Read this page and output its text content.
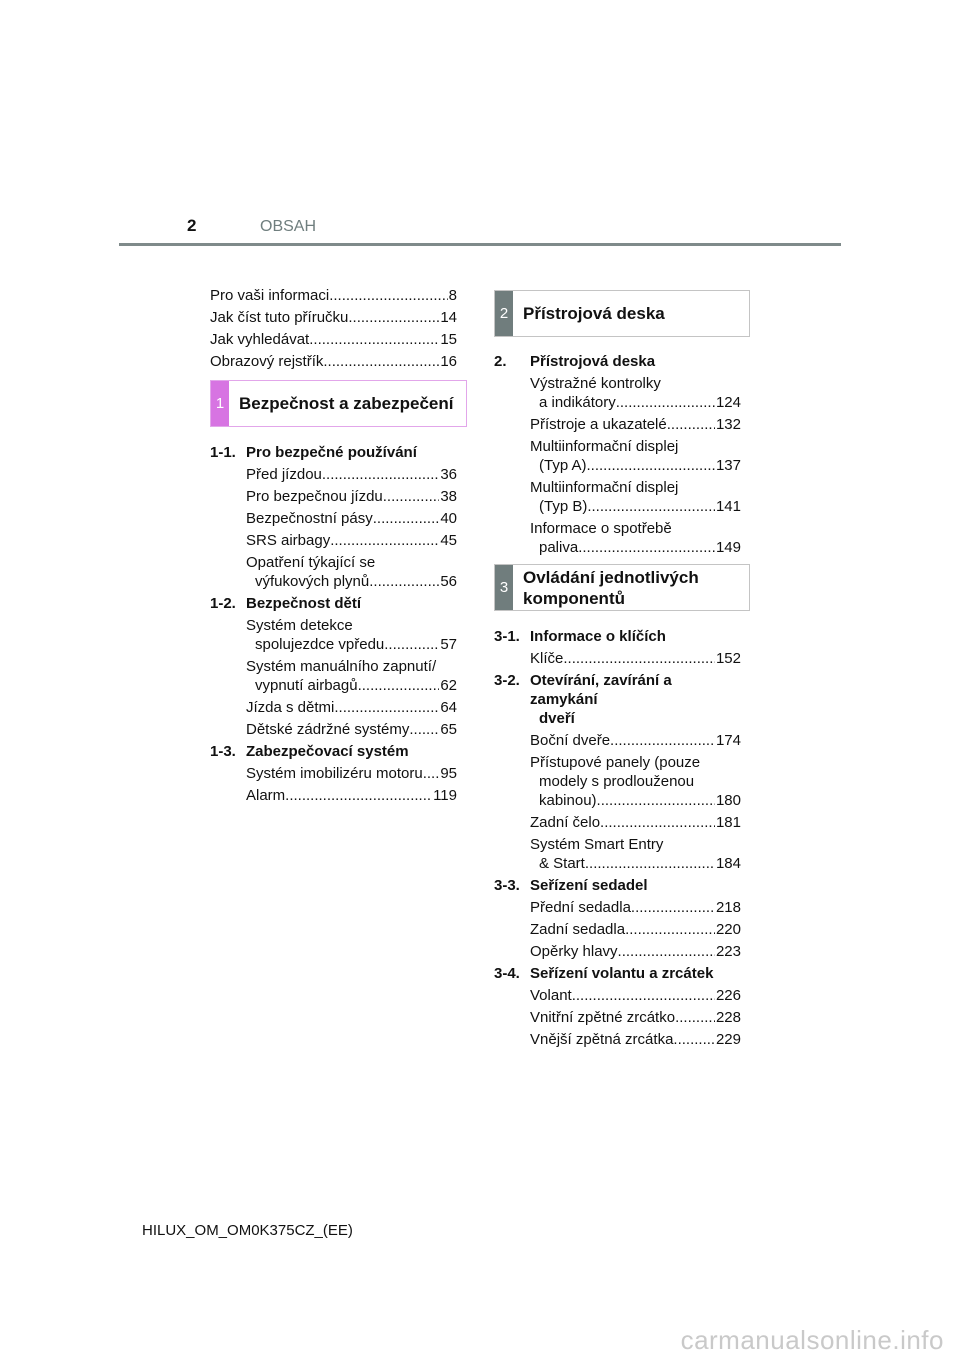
2	OBSAH
Pro vaši informaci .....	8
Jak číst tuto příručku .....	14
Jak vyhledávat .....	15
Obrazový rejstřík .....	16
1 Bezpečnost a zabezpečení
1-1. Pro bezpečné používání
Před jízdou .....	36
Pro bezpečnou jízdu .....	38
Bezpečnostní pásy .....	40
SRS airbagy .....	45
Opatření týkající se
výfukových plynů .....	56
1-2. Bezpečnost dětí
Systém detekce
spolujezdce vpředu .....	57
Systém manuálního zapnutí/
vypnutí airbagů .....	62
Jízda s dětmi .....	64
Dětské zádržné systémy ..... 65
1-3. Zabezpečovací systém
Systém imobilizéru motoru ..... 95
Alarm .....	119
2 Přístrojová deska
2.	Přístrojová deska
Výstražné kontrolky
a indikátory .....	124
Přístroje a ukazatelé .....	132
Multiinformační displej
(Typ A) .....	137
Multiinformační displej
(Typ B) .....	141
Informace o spotřebě
paliva .....	149
3
Ovládání jednotlivých
komponentů
3-1. Informace o klíčích
Klíče .....	152
3-2. Otevírání, zavírání a zamykání
dveří
Boční dveře .....	174
Přístupové panely (pouze
modely s prodlouženou
kabinou) .....	180
Zadní čelo .....	181
Systém Smart Entry
& Start .....	184
3-3. Seřízení sedadel
Přední sedadla .....	218
Zadní sedadla .....	220
Opěrky hlavy .....	223
3-4. Seřízení volantu a zrcátek
Volant .....	226
Vnitřní zpětné zrcátko .....	228
Vnější zpětná zrcátka .....	229
HILUX_OM_OM0K375CZ_(EE)
carmanualsonline.info
